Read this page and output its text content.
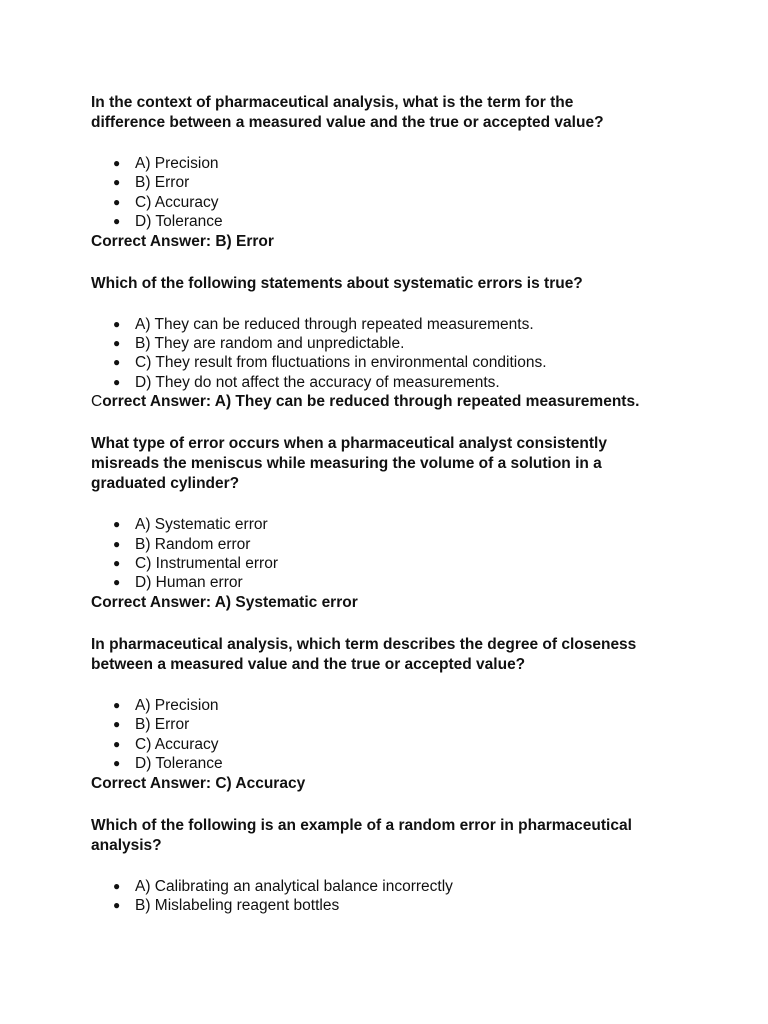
In the context of pharmaceutical analysis, what is the term for the difference between a measured value and the true or accepted value?

● A) Precision
● B) Error
● C) Accuracy
● D) Tolerance

Correct Answer: B) Error

Which of the following statements about systematic errors is true?

● A) They can be reduced through repeated measurements.
● B) They are random and unpredictable.
● C) They result from fluctuations in environmental conditions.
● D) They do not affect the accuracy of measurements.

Correct Answer: A) They can be reduced through repeated measurements.

What type of error occurs when a pharmaceutical analyst consistently misreads the meniscus while measuring the volume of a solution in a graduated cylinder?

● A) Systematic error
● B) Random error
● C) Instrumental error
● D) Human error

Correct Answer: A) Systematic error

In pharmaceutical analysis, which term describes the degree of closeness between a measured value and the true or accepted value?

● A) Precision
● B) Error
● C) Accuracy
● D) Tolerance

Correct Answer: C) Accuracy

Which of the following is an example of a random error in pharmaceutical analysis?

● A) Calibrating an analytical balance incorrectly
● B) Mislabeling reagent bottles
